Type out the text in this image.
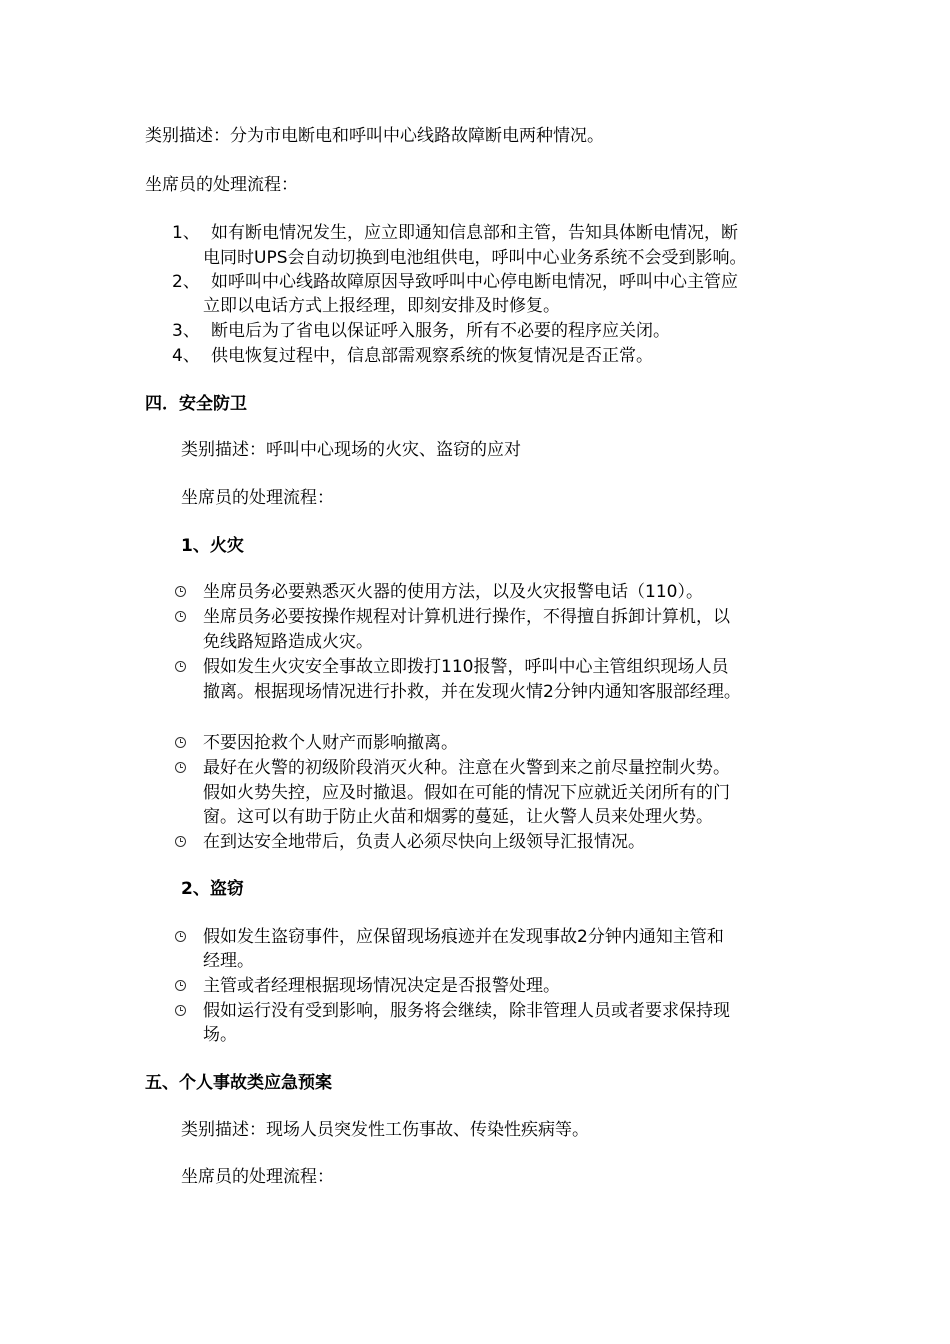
类别描述：分为市电断电和呼叫中心线路故障断电两种情况。
坐席员的处理流程：
1、 如有断电情况发生，应立即通知信息部和主管，告知具体断电情况，断
电同时UPS会自动切换到电池组供电，呼叫中心业务系统不会受到影响。
2、 如呼叫中心线路故障原因导致呼叫中心停电断电情况，呼叫中心主管应
立即以电话方式上报经理，即刻安排及时修复。
3、 断电后为了省电以保证呼入服务，所有不必要的程序应关闭。
4、 供电恢复过程中，信息部需观察系统的恢复情况是否正常。
四．安全防卫
类别描述：呼叫中心现场的火灾、盗窃的应对
坐席员的处理流程：
1、火灾
坐席员务必要熟悉灭火器的使用方法，以及火灾报警电话（110）。
坐席员务必要按操作规程对计算机进行操作，不得擅自拆卸计算机，以
免线路短路造成火灾。
假如发生火灾安全事故立即拨打110报警，呼叫中心主管组织现场人员
撤离。根据现场情况进行扑救，并在发现火情2分钟内通知客服部经理。
不要因抢救个人财产而影响撤离。
最好在火警的初级阶段消灭火种。注意在火警到来之前尽量控制火势。
假如火势失控，应及时撤退。假如在可能的情况下应就近关闭所有的门
窗。这可以有助于防止火苗和烟雾的蔓延，让火警人员来处理火势。
在到达安全地带后，负责人必须尽快向上级领导汇报情况。
2、盗窃
假如发生盗窃事件，应保留现场痕迹并在发现事故2分钟内通知主管和
经理。
主管或者经理根据现场情况决定是否报警处理。
假如运行没有受到影响，服务将会继续，除非管理人员或者要求保持现
场。
五、个人事故类应急预案
类别描述：现场人员突发性工伤事故、传染性疾病等。
坐席员的处理流程：
